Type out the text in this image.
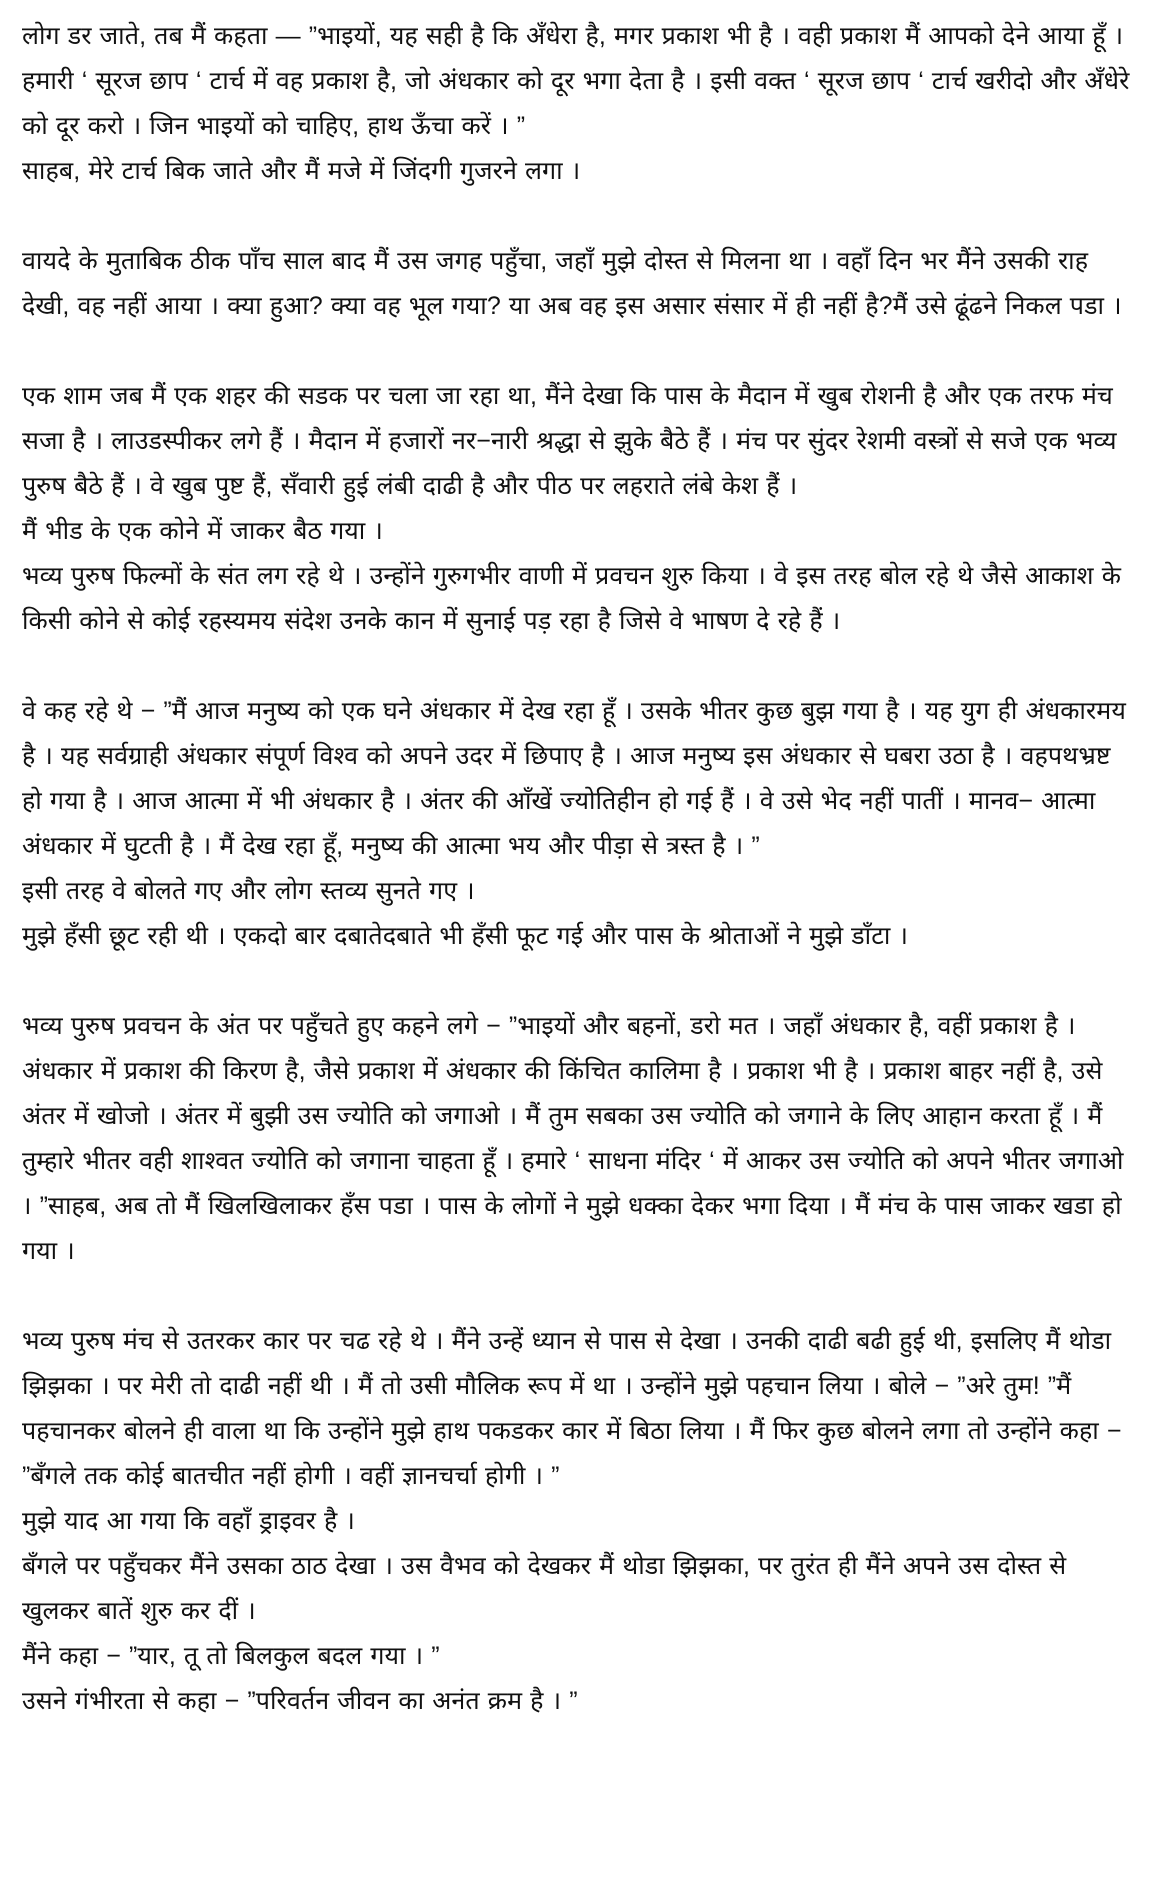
लोग डर जाते, तब मैं कहता — ”भाइयों, यह सही है कि अँधेरा है, मगर प्रकाश भी है । वही प्रकाश मैं आपको देने आया हूँ । हमारी ‘ सूरज छाप ‘ टार्च में वह प्रकाश है, जो अंधकार को दूर भगा देता है । इसी वक्त ‘ सूरज छाप ‘ टार्च खरीदो और अँधेरे को दूर करो । जिन भाइयों को चाहिए, हाथ ऊँचा करें । ”

साहब, मेरे टार्च बिक जाते और मैं मजे में जिंदगी गुजरने लगा ।

वायदे के मुताबिक ठीक पाँच साल बाद मैं उस जगह पहुँचा, जहाँ मुझे दोस्त से मिलना था । वहाँ दिन भर मैंने उसकी राह देखी, वह नहीं आया । क्या हुआ? क्या वह भूल गया? या अब वह इस असार संसार में ही नहीं है?मैं उसे ढूंढने निकल पडा ।

एक शाम जब मैं एक शहर की सडक पर चला जा रहा था, मैंने देखा कि पास के मैदान में खुब रोशनी है और एक तरफ मंच सजा है । लाउडस्पीकर लगे हैं । मैदान में हजारों नर−नारी श्रद्धा से झुके बैठे हैं । मंच पर सुंदर रेशमी वस्त्रों से सजे एक भव्य पुरुष बैठे हैं । वे खुब पुष्ट हैं, सँवारी हुई लंबी दाढी है और पीठ पर लहराते लंबे केश हैं ।

मैं भीड के एक कोने में जाकर बैठ गया ।

भव्य पुरुष फिल्मों के संत लग रहे थे । उन्होंने गुरुगभीर वाणी में प्रवचन शुरु किया । वे इस तरह बोल रहे थे जैसे आकाश के किसी कोने से कोई रहस्यमय संदेश उनके कान में सुनाई पड़ रहा है जिसे वे भाषण दे रहे हैं ।

वे कह रहे थे − ”मैं आज मनुष्य को एक घने अंधकार में देख रहा हूँ । उसके भीतर कुछ बुझ गया है । यह युग ही अंधकारमय है । यह सर्वग्राही अंधकार संपूर्ण विश्व को अपने उदर में छिपाए है । आज मनुष्य इस अंधकार से घबरा उठा है । वहपथभ्रष्ट हो गया है । आज आत्मा में भी अंधकार है । अंतर की आँखें ज्योतिहीन हो गई हैं । वे उसे भेद नहीं पातीं । मानव− आत्मा अंधकार में घुटती है । मैं देख रहा हूँ, मनुष्य की आत्मा भय और पीड़ा से त्रस्त है । ”

इसी तरह वे बोलते गए और लोग स्तव्य सुनते गए ।

मुझे हँसी छूट रही थी । एकदो बार दबातेदबाते भी हँसी फूट गई और पास के श्रोताओं ने मुझे डाँटा ।

भव्य पुरुष प्रवचन के अंत पर पहुँचते हुए कहने लगे − ”भाइयों और बहनों, डरो मत । जहाँ अंधकार है, वहीं प्रकाश है । अंधकार में प्रकाश की किरण है, जैसे प्रकाश में अंधकार की किंचित कालिमा है । प्रकाश भी है । प्रकाश बाहर नहीं है, उसे अंतर में खोजो । अंतर में बुझी उस ज्योति को जगाओ । मैं तुम सबका उस ज्योति को जगाने के लिए आहान करता हूँ । मैं तुम्हारे भीतर वही शाश्वत ज्योति को जगाना चाहता हूँ । हमारे ‘ साधना मंदिर ‘ में आकर उस ज्योति को अपने भीतर जगाओ । ”साहब, अब तो मैं खिलखिलाकर हँस पडा । पास के लोगों ने मुझे धक्का देकर भगा दिया । मैं मंच के पास जाकर खडा हो गया ।

भव्य पुरुष मंच से उतरकर कार पर चढ रहे थे । मैंने उन्हें ध्यान से पास से देखा । उनकी दाढी बढी हुई थी, इसलिए मैं थोडा झिझका । पर मेरी तो दाढी नहीं थी । मैं तो उसी मौलिक रूप में था । उन्होंने मुझे पहचान लिया । बोले − ”अरे तुम! ”मैं पहचानकर बोलने ही वाला था कि उन्होंने मुझे हाथ पकडकर कार में बिठा लिया । मैं फिर कुछ बोलने लगा तो उन्होंने कहा − ”बँगले तक कोई बातचीत नहीं होगी । वहीं ज्ञानचर्चा होगी । ”

मुझे याद आ गया कि वहाँ ड्राइवर है ।

बँगले पर पहुँचकर मैंने उसका ठाठ देखा । उस वैभव को देखकर मैं थोडा झिझका, पर तुरंत ही मैंने अपने उस दोस्त से खुलकर बातें शुरु कर दीं ।

मैंने कहा − ”यार, तू तो बिलकुल बदल गया । ”

उसने गंभीरता से कहा − ”परिवर्तन जीवन का अनंत क्रम है । ”
